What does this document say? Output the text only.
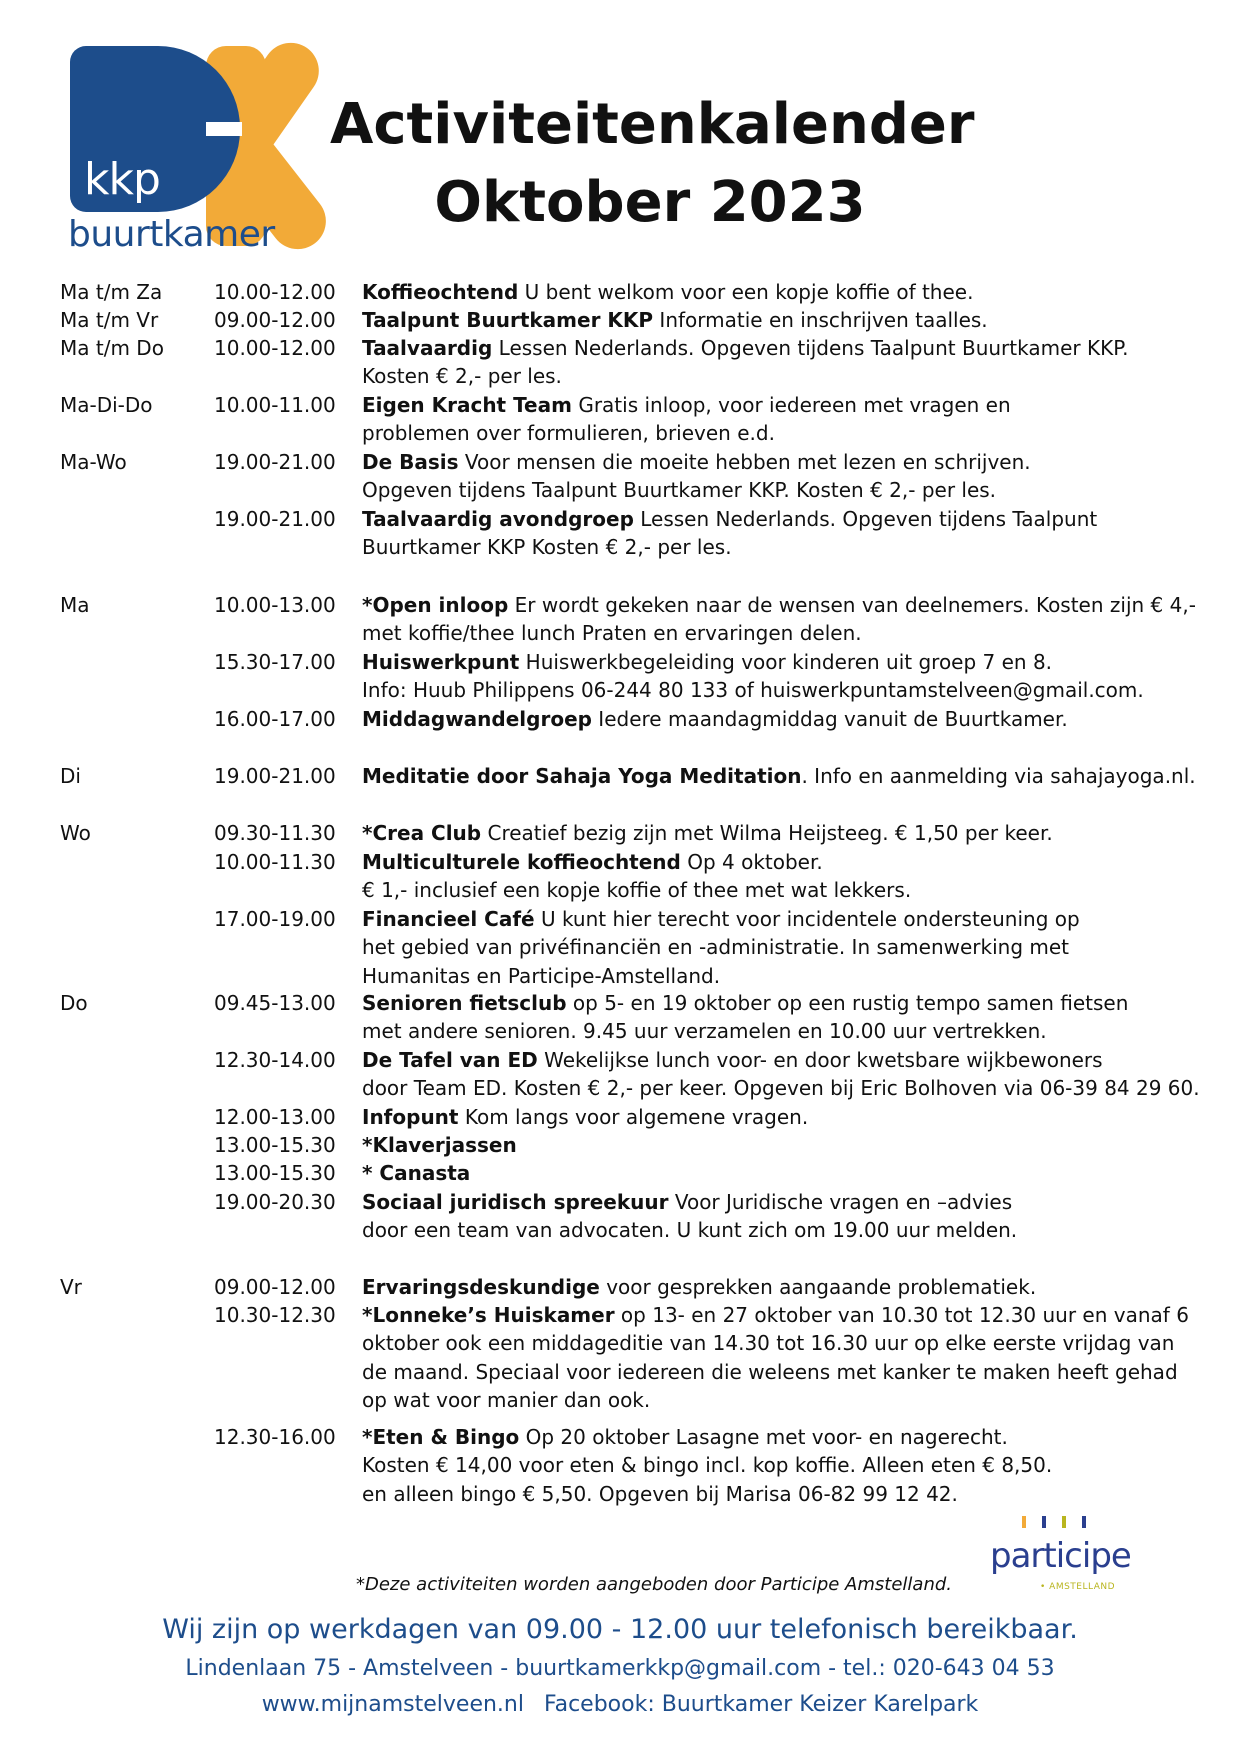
kkp
buurtkamer
Activiteitenkalender
Oktober 2023
Ma t/m Za	10.00-12.00 Koffieochtend U bent welkom voor een kopje koffie of thee.
Ma t/m Vr	09.00-12.00 Taalpunt Buurtkamer KKP Informatie en inschrijven taalles.
Ma t/m Do	10.00-12.00 Taalvaardig Lessen Nederlands. Opgeven tijdens Taalpunt Buurtkamer KKP.
Kosten € 2,- per les.
Ma-Di-Do	10.00-11.00 Eigen Kracht Team Gratis inloop, voor iedereen met vragen en
problemen over formulieren, brieven e.d.
Ma-Wo	19.00-21.00 De Basis Voor mensen die moeite hebben met lezen en schrijven.
Opgeven tijdens Taalpunt Buurtkamer KKP. Kosten € 2,- per les.
19.00-21.00 Taalvaardig avondgroep Lessen Nederlands. Opgeven tijdens Taalpunt
Buurtkamer KKP Kosten € 2,- per les.
Ma	10.00-13.00 *Open inloop Er wordt gekeken naar de wensen van deelnemers. Kosten zijn € 4,-
met koffie/thee lunch Praten en ervaringen delen.
15.30-17.00 Huiswerkpunt Huiswerkbegeleiding voor kinderen uit groep 7 en 8.
Info: Huub Philippens 06-244 80 133 of huiswerkpuntamstelveen@gmail.com.
16.00-17.00 Middagwandelgroep Iedere maandagmiddag vanuit de Buurtkamer.
Di	19.00-21.00 Meditatie door Sahaja Yoga Meditation. Info en aanmelding via sahajayoga.nl.
Wo	09.30-11.30 *Crea Club Creatief bezig zijn met Wilma Heijsteeg. € 1,50 per keer.
10.00-11.30 Multiculturele koffieochtend Op 4 oktober.
€ 1,- inclusief een kopje koffie of thee met wat lekkers.
17.00-19.00 Financieel Café U kunt hier terecht voor incidentele ondersteuning op
het gebied van privéfinanciën en -administratie. In samenwerking met
Humanitas en Participe-Amstelland.
Do	09.45-13.00 Senioren fietsclub op 5- en 19 oktober op een rustig tempo samen fietsen
met andere senioren. 9.45 uur verzamelen en 10.00 uur vertrekken.
12.30-14.00 De Tafel van ED Wekelijkse lunch voor- en door kwetsbare wijkbewoners
door Team ED. Kosten € 2,- per keer. Opgeven bij Eric Bolhoven via 06-39 84 29 60.
12.00-13.00 Infopunt Kom langs voor algemene vragen.
13.00-15.30 *Klaverjassen
13.00-15.30 * Canasta
19.00-20.30 Sociaal juridisch spreekuur Voor Juridische vragen en –advies
door een team van advocaten. U kunt zich om 19.00 uur melden.
Vr	09.00-12.00 Ervaringsdeskundige voor gesprekken aangaande problematiek.
10.30-12.30 *Lonneke’s Huiskamer op 13- en 27 oktober van 10.30 tot 12.30 uur en vanaf 6
oktober ook een middageditie van 14.30 tot 16.30 uur op elke eerste vrijdag van
de maand. Speciaal voor iedereen die weleens met kanker te maken heeft gehad
op wat voor manier dan ook.
12.30-16.00 *Eten & Bingo Op 20 oktober Lasagne met voor- en nagerecht.
Kosten € 14,00 voor eten & bingo incl. kop koffie. Alleen eten € 8,50.
en alleen bingo € 5,50. Opgeven bij Marisa 06-82 99 12 42.
participe
• AMSTELLAND
*Deze activiteiten worden aangeboden door Participe Amstelland.
Wij zijn op werkdagen van 09.00 - 12.00 uur telefonisch bereikbaar.
Lindenlaan 75 - Amstelveen - buurtkamerkkp@gmail.com - tel.: 020-643 04 53
www.mijnamstelveen.nl Facebook: Buurtkamer Keizer Karelpark
